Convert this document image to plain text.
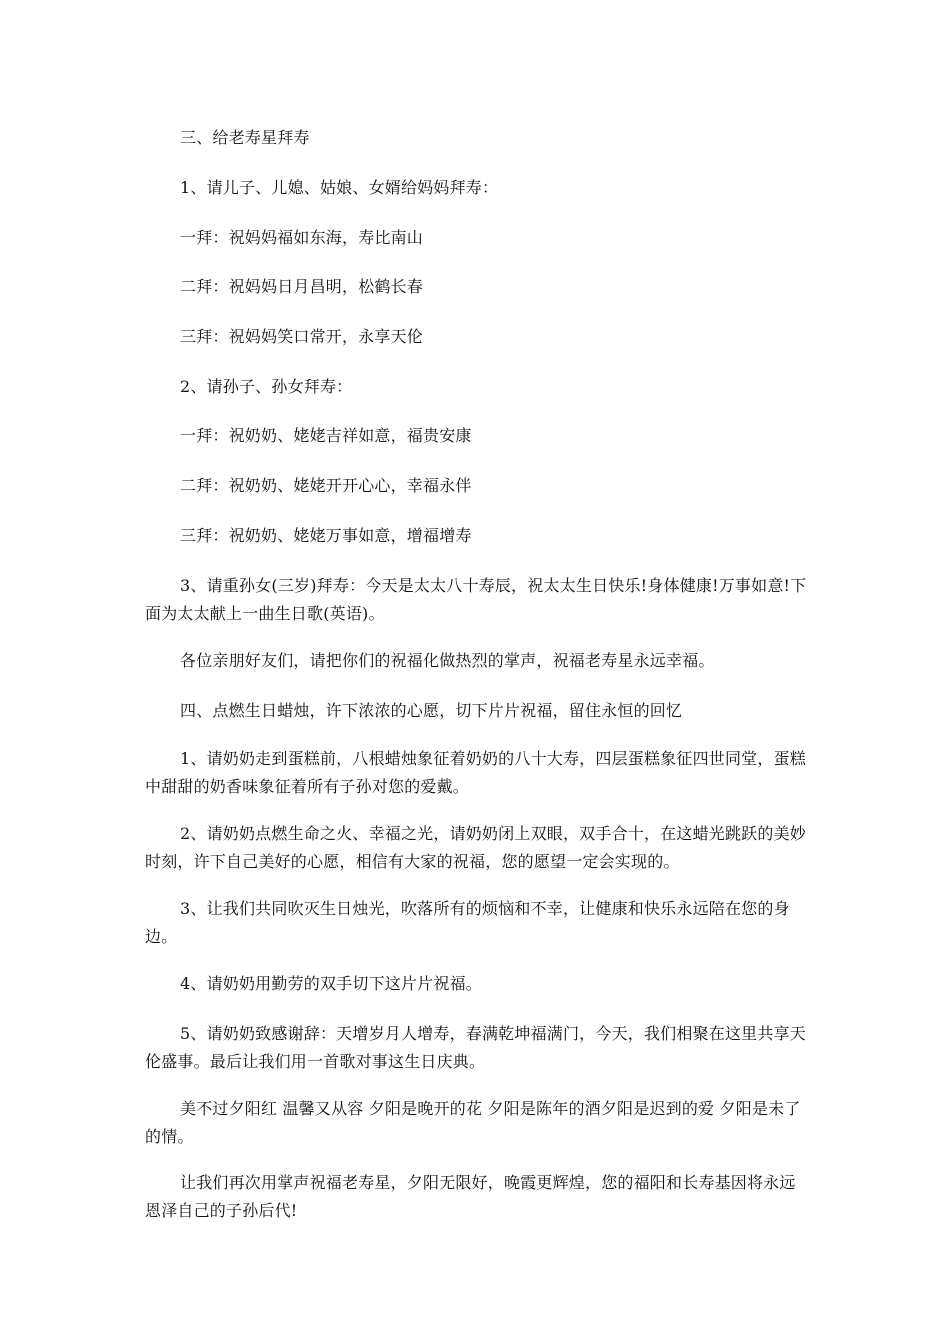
三、给老寿星拜寿
1、请儿子、儿媳、姑娘、女婿给妈妈拜寿：
一拜：祝妈妈福如东海，寿比南山
二拜：祝妈妈日月昌明，松鹤长春
三拜：祝妈妈笑口常开，永享天伦
2、请孙子、孙女拜寿：
一拜：祝奶奶、姥姥吉祥如意，福贵安康
二拜：祝奶奶、姥姥开开心心，幸福永伴
三拜：祝奶奶、姥姥万事如意，增福增寿
3、请重孙女(三岁)拜寿：今天是太太八十寿辰，祝太太生日快乐!身体健康!万事如意!下面为太太献上一曲生日歌(英语)。
各位亲朋好友们，请把你们的祝福化做热烈的掌声，祝福老寿星永远幸福。
四、点燃生日蜡烛，许下浓浓的心愿，切下片片祝福，留住永恒的回忆
1、请奶奶走到蛋糕前，八根蜡烛象征着奶奶的八十大寿，四层蛋糕象征四世同堂，蛋糕中甜甜的奶香味象征着所有子孙对您的爱戴。
2、请奶奶点燃生命之火、幸福之光，请奶奶闭上双眼，双手合十，在这蜡光跳跃的美妙时刻，许下自己美好的心愿，相信有大家的祝福，您的愿望一定会实现的。
3、让我们共同吹灭生日烛光，吹落所有的烦恼和不幸，让健康和快乐永远陪在您的身边。
4、请奶奶用勤劳的双手切下这片片祝福。
5、请奶奶致感谢辞：天增岁月人增寿，春满乾坤福满门，今天，我们相聚在这里共享天伦盛事。最后让我们用一首歌对事这生日庆典。
美不过夕阳红 温馨又从容 夕阳是晚开的花 夕阳是陈年的酒夕阳是迟到的爱 夕阳是未了的情。
让我们再次用掌声祝福老寿星，夕阳无限好，晚霞更辉煌，您的福阳和长寿基因将永远恩泽自己的子孙后代!
